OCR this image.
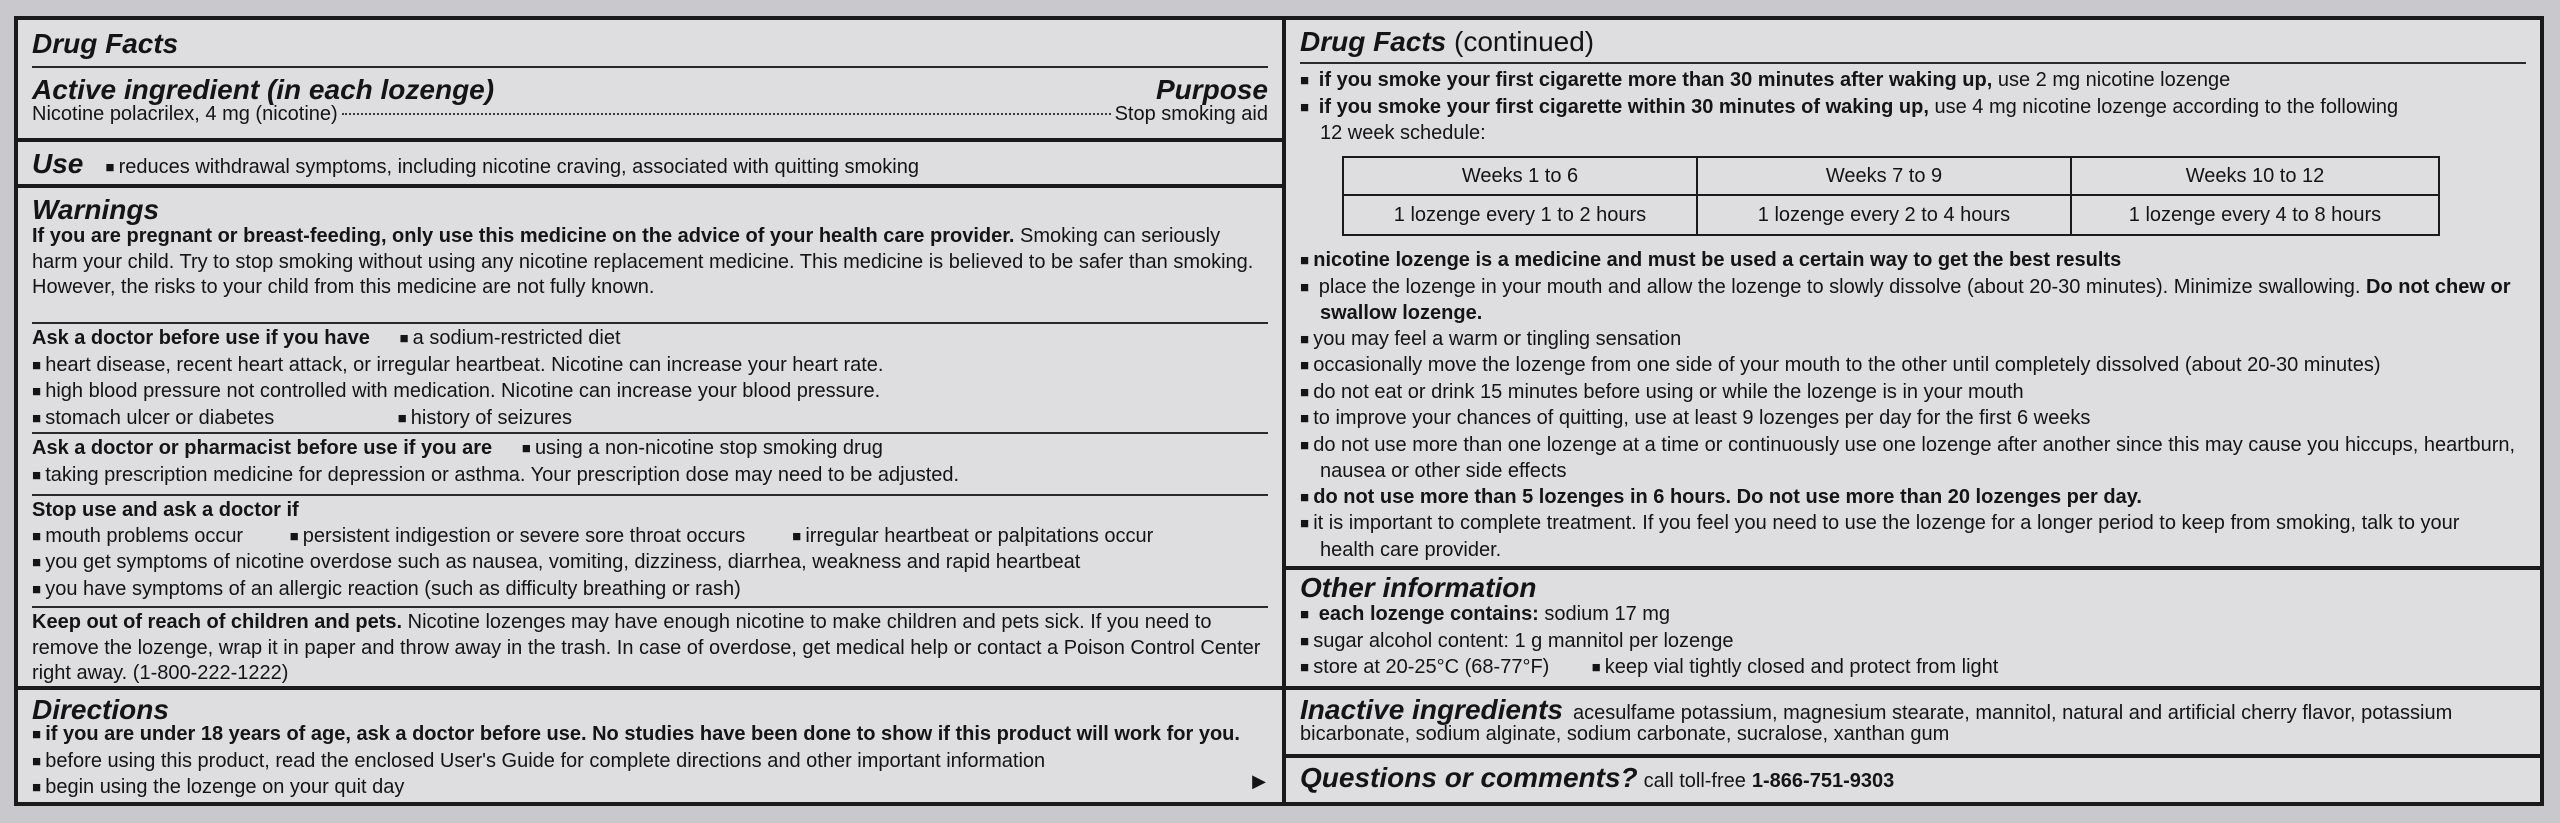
Drug Facts
Active ingredient (in each lozenge)	Purpose
Nicotine polacrilex, 4 mg (nicotine)	Stop smoking aid
Use	■ reduces withdrawal symptoms, including nicotine craving, associated with quitting smoking
Warnings
If you are pregnant or breast-feeding, only use this medicine on the advice of your health care provider. Smoking can seriously
harm your child. Try to stop smoking without using any nicotine replacement medicine. This medicine is believed to be safer than smoking.
However, the risks to your child from this medicine are not fully known.
Ask a doctor before use if you have ■ a sodium-restricted diet
■ heart disease, recent heart attack, or irregular heartbeat. Nicotine can increase your heart rate.
■ high blood pressure not controlled with medication. Nicotine can increase your blood pressure.
■ stomach ulcer or diabetes	■ history of seizures
Ask a doctor or pharmacist before use if you are ■ using a non-nicotine stop smoking drug
■ taking prescription medicine for depression or asthma. Your prescription dose may need to be adjusted.
Stop use and ask a doctor if
■ mouth problems occur	■ persistent indigestion or severe sore throat occurs	■ irregular heartbeat or palpitations occur
■ you get symptoms of nicotine overdose such as nausea, vomiting, dizziness, diarrhea, weakness and rapid heartbeat
■ you have symptoms of an allergic reaction (such as difficulty breathing or rash)
Keep out of reach of children and pets. Nicotine lozenges may have enough nicotine to make children and pets sick. If you need to
remove the lozenge, wrap it in paper and throw away in the trash. In case of overdose, get medical help or contact a Poison Control Center
right away. (1-800-222-1222)
Directions
■ if you are under 18 years of age, ask a doctor before use. No studies have been done to show if this product will work for you.
■ before using this product, read the enclosed User's Guide for complete directions and other important information
■ begin using the lozenge on your quit day	▶
Drug Facts (continued)
■ if you smoke your first cigarette more than 30 minutes after waking up, use 2 mg nicotine lozenge
■ if you smoke your first cigarette within 30 minutes of waking up, use 4 mg nicotine lozenge according to the following
12 week schedule:
Weeks 1 to 6	Weeks 7 to 9	Weeks 10 to 12
1 lozenge every 1 to 2 hours	1 lozenge every 2 to 4 hours	1 lozenge every 4 to 8 hours
■ nicotine lozenge is a medicine and must be used a certain way to get the best results
■ place the lozenge in your mouth and allow the lozenge to slowly dissolve (about 20-30 minutes). Minimize swallowing. Do not chew or
swallow lozenge.
■ you may feel a warm or tingling sensation
■ occasionally move the lozenge from one side of your mouth to the other until completely dissolved (about 20-30 minutes)
■ do not eat or drink 15 minutes before using or while the lozenge is in your mouth
■ to improve your chances of quitting, use at least 9 lozenges per day for the first 6 weeks
■ do not use more than one lozenge at a time or continuously use one lozenge after another since this may cause you hiccups, heartburn,
nausea or other side effects
■ do not use more than 5 lozenges in 6 hours. Do not use more than 20 lozenges per day.
■ it is important to complete treatment. If you feel you need to use the lozenge for a longer period to keep from smoking, talk to your
health care provider.
Other information
■ each lozenge contains: sodium 17 mg
■ sugar alcohol content: 1 g mannitol per lozenge
■ store at 20-25°C (68-77°F)	■ keep vial tightly closed and protect from light
Inactive ingredients acesulfame potassium, magnesium stearate, mannitol, natural and artificial cherry flavor, potassium
bicarbonate, sodium alginate, sodium carbonate, sucralose, xanthan gum
Questions or comments? call toll-free 1-866-751-9303
